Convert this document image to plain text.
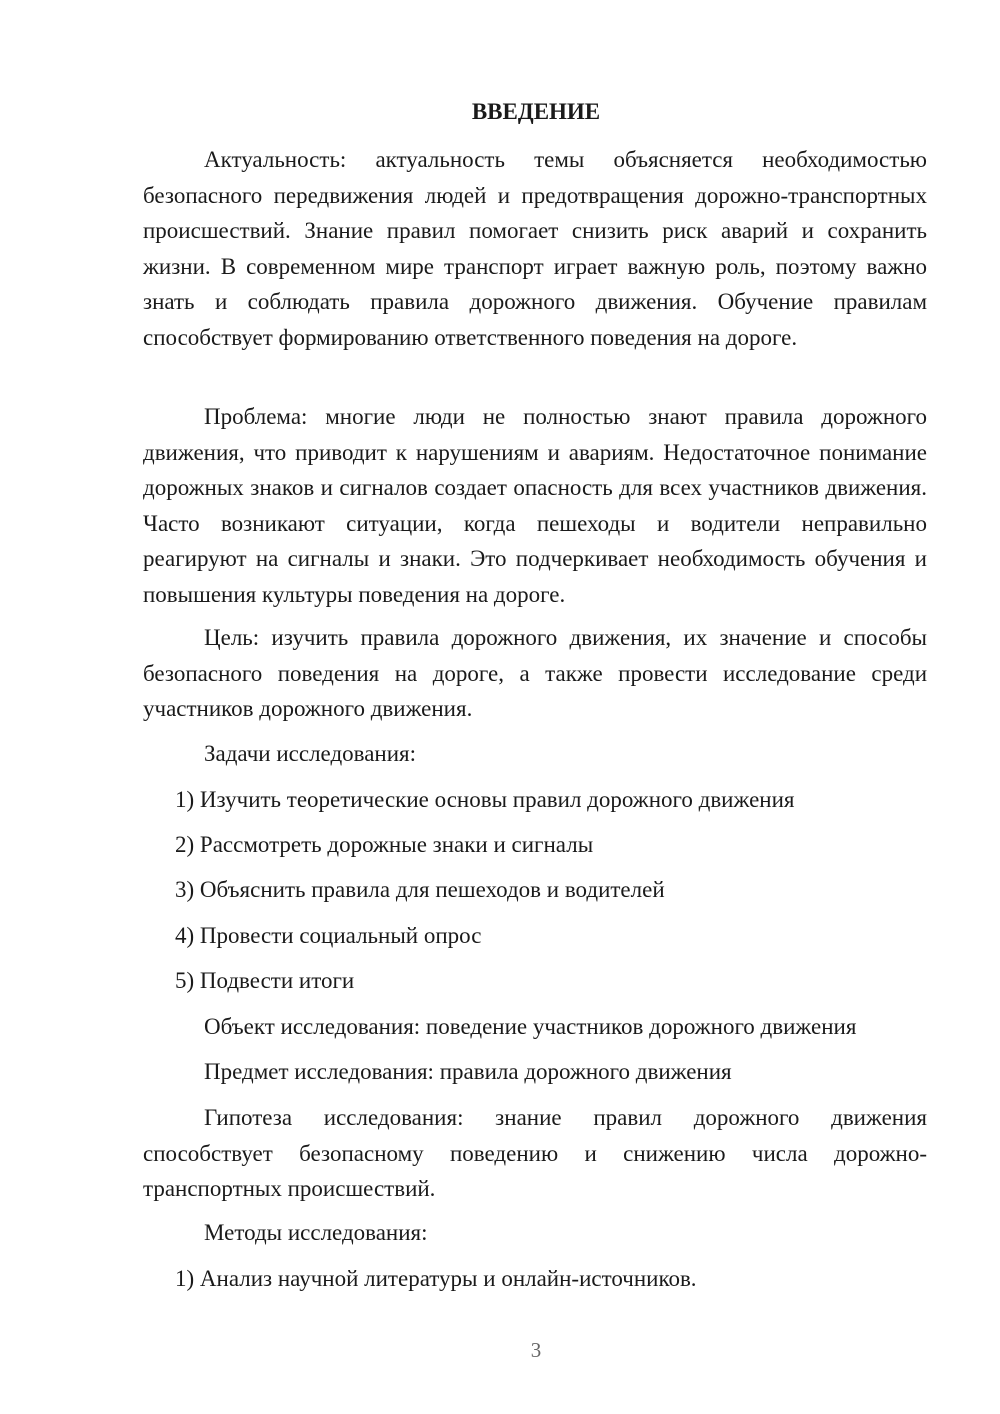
ВВЕДЕНИЕ

Актуальность: актуальность темы объясняется необходимостью безопасного передвижения людей и предотвращения дорожно-транспортных происшествий. Знание правил помогает снизить риск аварий и сохранить жизни. В современном мире транспорт играет важную роль, поэтому важно знать и соблюдать правила дорожного движения. Обучение правилам способствует формированию ответственного поведения на дороге.

Проблема: многие люди не полностью знают правила дорожного движения, что приводит к нарушениям и авариям. Недостаточное понимание дорожных знаков и сигналов создает опасность для всех участников движения. Часто возникают ситуации, когда пешеходы и водители неправильно реагируют на сигналы и знаки. Это подчеркивает необходимость обучения и повышения культуры поведения на дороге.

Цель: изучить правила дорожного движения, их значение и способы безопасного поведения на дороге, а также провести исследование среди участников дорожного движения.

Задачи исследования:

1) Изучить теоретические основы правил дорожного движения

2) Рассмотреть дорожные знаки и сигналы

3) Объяснить правила для пешеходов и водителей

4) Провести социальный опрос

5) Подвести итоги

Объект исследования: поведение участников дорожного движения

Предмет исследования: правила дорожного движения

Гипотеза исследования: знание правил дорожного движения способствует безопасному поведению и снижению числа дорожно-транспортных происшествий.

Методы исследования:

1) Анализ научной литературы и онлайн-источников.

3
